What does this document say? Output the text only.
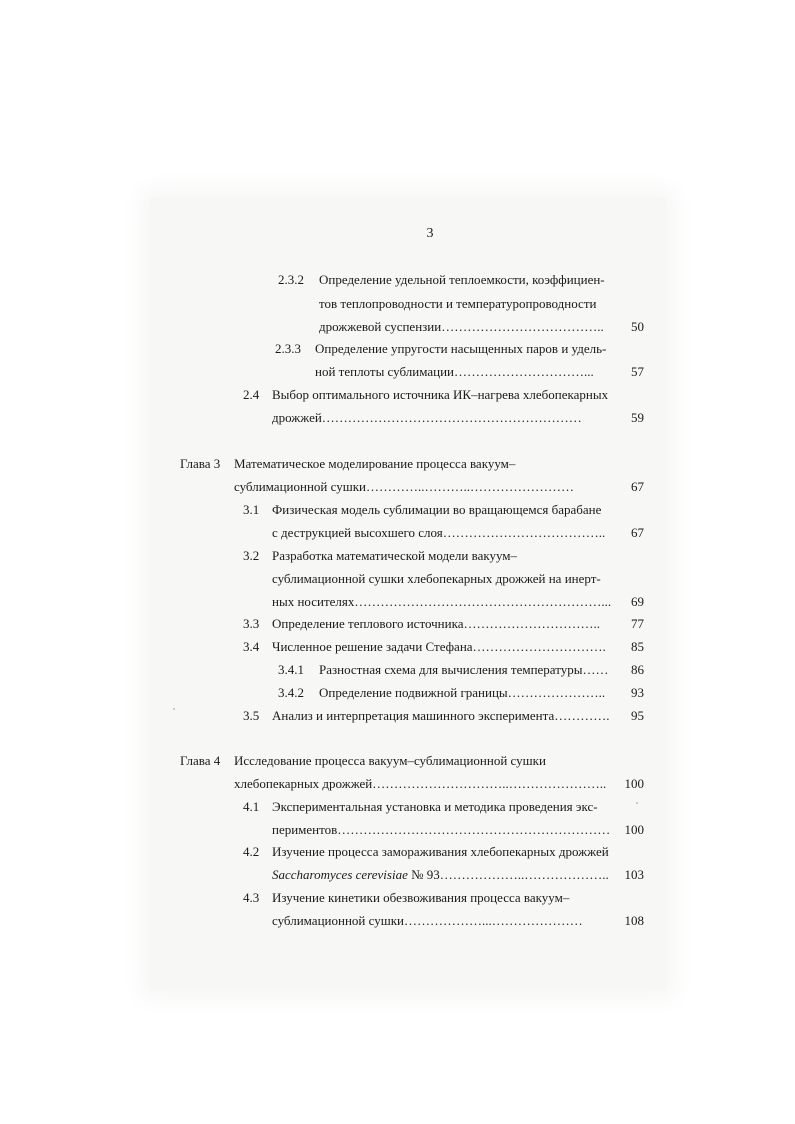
3
2.3.2 Определение удельной теплоемкости, коэффициен-
тов теплопроводности и температуропроводности
дрожжевой суспензии………………………………..	50
2.3.3 Определение упругости насыщенных паров и удель-
ной теплоты сублимации…………………………...	57
2.4 Выбор оптимального источника ИК–нагрева хлебопекарных
дрожжей……………………………………………………	59
Глава 3 Математическое моделирование процесса вакуум–
сублимационной сушки…………..………..……………………	67
3.1 Физическая модель сублимации во вращающемся барабане
с деструкцией высохшего слоя………………………………..	67
3.2 Разработка математической модели вакуум–
сублимационной сушки хлебопекарных дрожжей на инерт-
ных носителях…………………………………………………...	69
3.3 Определение теплового источника…………………………..	77
3.4 Численное решение задачи Стефана………………………….	85
3.4.1 Разностная схема для вычисления температуры……	86
3.4.2 Определение подвижной границы…………………..	93
3.5 Анализ и интерпретация машинного эксперимента………….	95
Глава 4 Исследование процесса вакуум–сублимационной сушки
хлебопекарных дрожжей…………………………..…………………..	100
4.1 Экспериментальная установка и методика проведения экс-
периментов………………………………………………………	100
4.2 Изучение процесса замораживания хлебопекарных дрожжей
Saccharomyces cerevisiae № 93………………..………………..	103
4.3 Изучение кинетики обезвоживания процесса вакуум–
сублимационной сушки………………...…………………	108
